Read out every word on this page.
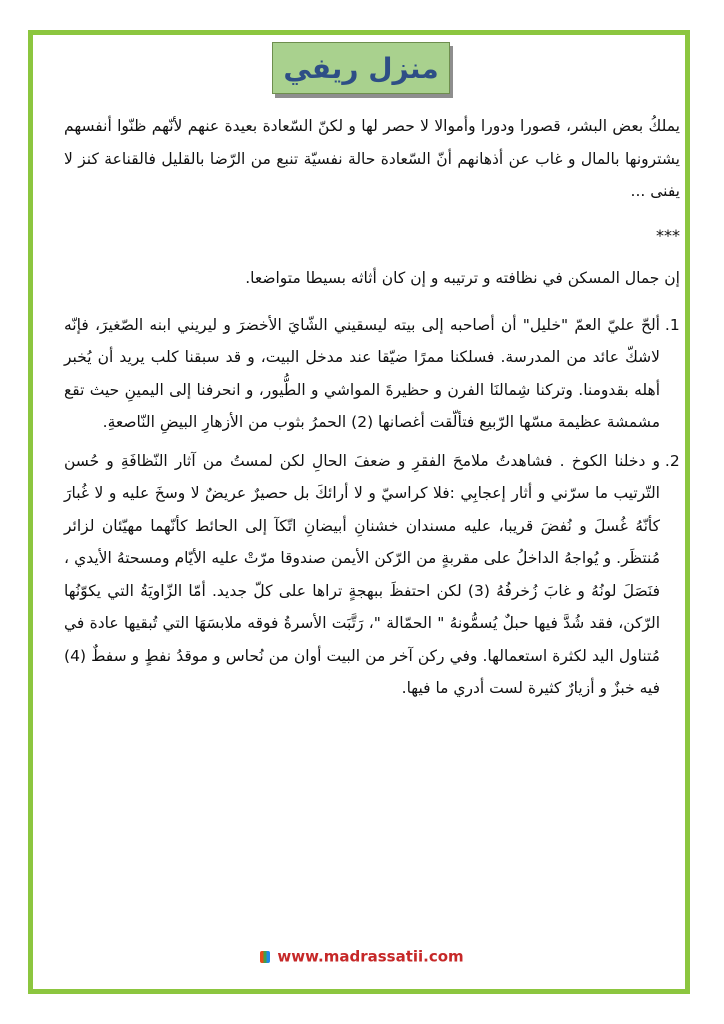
منزل ريفي

يملكُ بعض البشر، قصورا ودورا وأموالا لا حصر لها و لكنّ السّعادة بعيدة عنهم لأنّهم ظنّوا أنفسهم يشترونها بالمال و غاب عن أذهانهم أنّ السّعادة حالة نفسيّة تنبع من الرّضا بالقليل فالقناعة كنز لا يفنى ...

***

إن جمال المسكن في نظافته و ترتيبه و إن كان أثاثه بسيطا متواضعا.

1. ألحّ عليّ العمّ "خليل" أن أصاحبه إلى بيته ليسقيني الشّايَ الأخضرَ و ليريني ابنه الصّغيرَ، فإنّه لاشكّ عائد من المدرسة. فسلكنا ممرًا ضيّقا عند مدخل البيت، و قد سبقنا كلب يريد أن يُخبر أهله بقدومنا. وتركنا شِمالنَا الفرن و حظيرةَ المواشي و الطُّيور، و انحرفنا إلى اليمينِ حيث تقع مشمشة عظيمة مسّها الرّبيع فتألّقت أغصانها (2) الحمرُ بثوب من الأزهارِ البيضِ النّاصعةِ.
2. و دخلنا الكوخ . فشاهدتُ ملامحَ الفقرِ و ضعفَ الحالِ لكن لمستُ من آثار النّظافَةِ و حُسن التّرتيب ما سرّني و أثار إعجابِي :فلا كراسيّ و لا أرائكَ بل حصيرٌ عريضٌ لا وسخَ عليه و لا غُبارَ كأنّهُ غُسلَ و نُفضَ قريبا، عليه مسندان خشنانِ أبيضانِ اتّكآ إلى الحائط كأنّهما مهيّئان لزائر مُنتظَر. و يُواجهُ الداخلُ على مقربةٍ من الرّكن الأيمن صندوقا مرّتْ عليه الأيّام ومسحتهُ الأيدي ، فنَصَلَ لونُهُ و غابَ زُخرفُهُ (3) لكن احتفظَ ببهجةٍ تراها على كلّ جديد. أمّا الزّاويَةُ التي يكوّنُها الرّكن، فقد شُدَّ فيها حبلٌ يُسمُّونهُ " الحمّالة "، رَتَّبَت الأسرةُ فوقه ملابسَهَا التي تُبقيها عادة في مُتناول اليد لكثرة استعمالها. وفي ركن آخر من البيت أوان من نُحاس و موقدُ نفطٍ و سفطٌ (4) فيه خبزٌ و أزيارٌ كثيرة لست أدري ما فيها.
www.madrassatii.com
